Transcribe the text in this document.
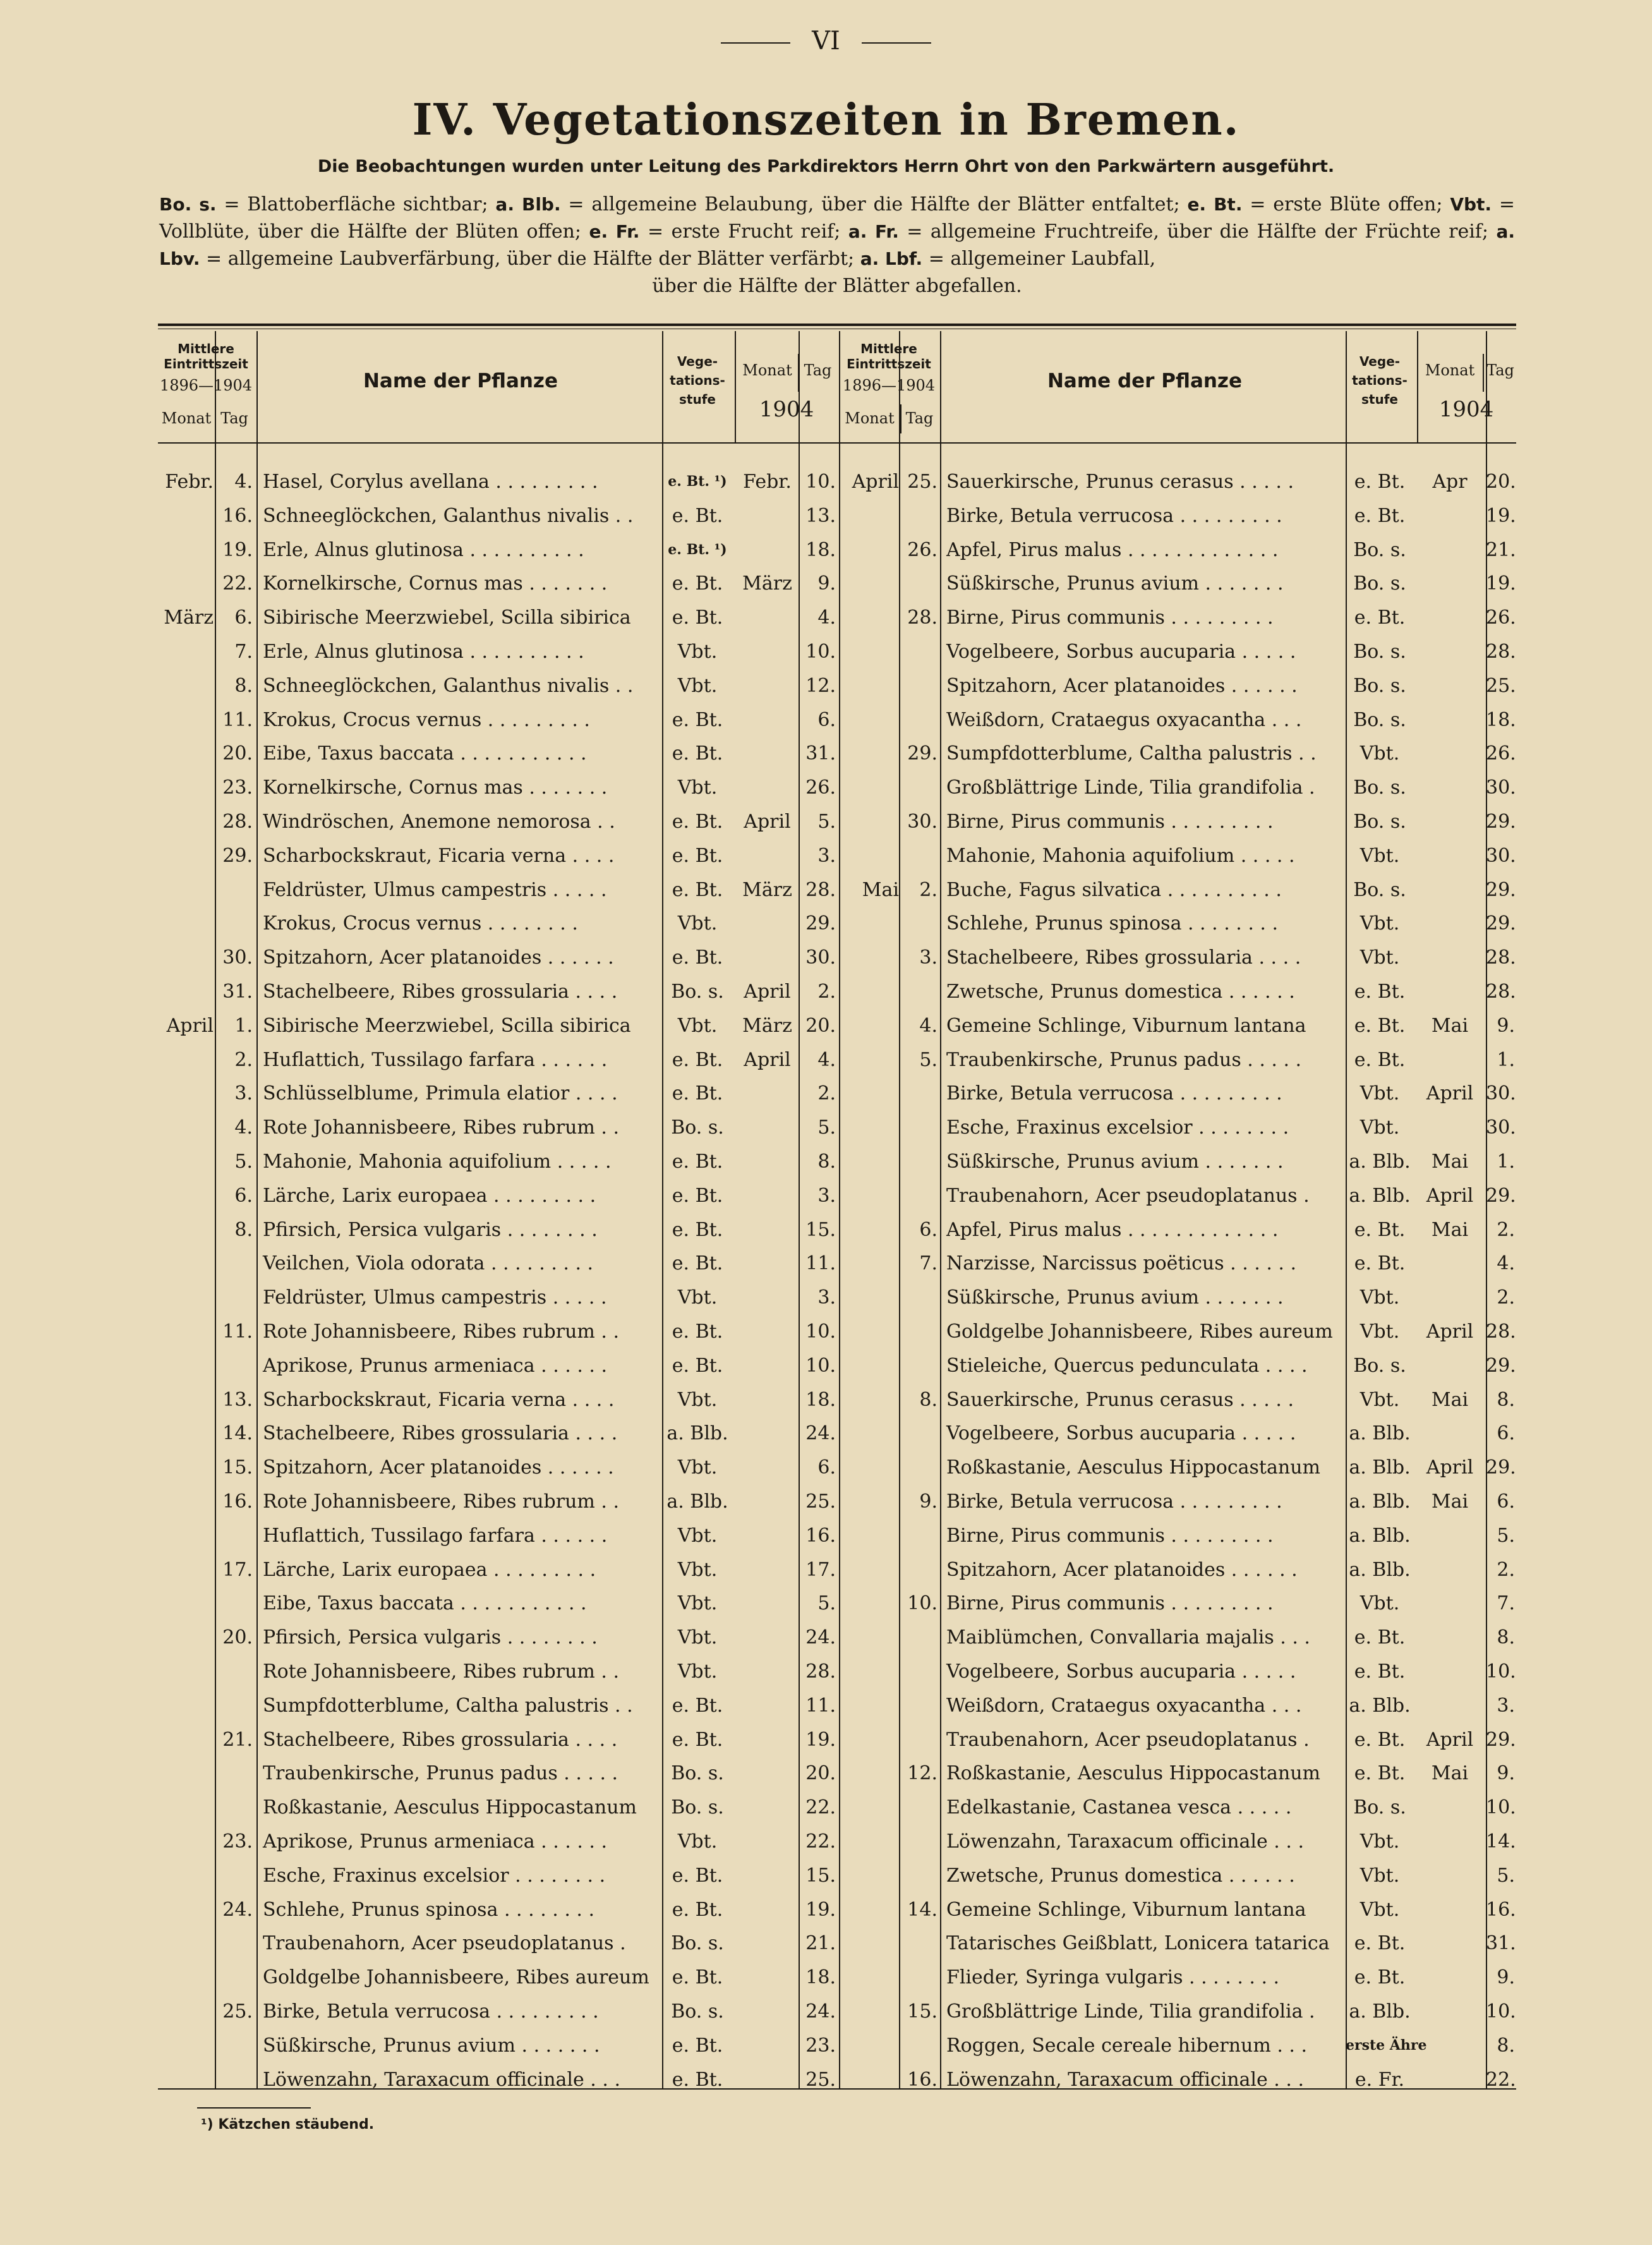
VI
IV. Vegetationszeiten in Bremen.
Die Beobachtungen wurden unter Leitung des Parkdirektors Herrn Ohrt von den Parkwärtern ausgeführt.
Bo. s. = Blattoberfläche sichtbar; a. Blb. = allgemeine Belaubung, über die Hälfte der Blätter entfaltet; e. Bt. = erste Blüte offen; Vbt. = Vollblüte, über die Hälfte der Blüten offen; e. Fr. = erste Frucht reif; a. Fr. = allgemeine Fruchtreife, über die Hälfte der Früchte reif; a. Lbv. = allgemeine Laubverfärbung, über die Hälfte der Blätter verfärbt; a. Lbf. = allgemeiner Laubfall,
über die Hälfte der Blätter abgefallen.
Mittlere
Eintrittszeit
1896—1904
Monat Tag
Name der Pflanze
Vege-
tations-
stufe
Monat Tag
1904
Febr.	4. Hasel, Corylus avellana . . . . . . . . .	e. Bt. ¹) Febr. 10.
16. Schneeglöckchen, Galanthus nivalis . .	e. Bt.	13.
19. Erle, Alnus glutinosa . . . . . . . . . .	e. Bt. ¹)	18.
22. Kornelkirsche, Cornus mas . . . . . . .	e. Bt.	März	9.
März	6. Sibirische Meerzwiebel, Scilla sibirica	e. Bt.	4.
7. Erle, Alnus glutinosa . . . . . . . . . .	Vbt.	10.
8. Schneeglöckchen, Galanthus nivalis . .	Vbt.	12.
11. Krokus, Crocus vernus . . . . . . . . .	e. Bt.	6.
20. Eibe, Taxus baccata . . . . . . . . . . .	e. Bt.	31.
23. Kornelkirsche, Cornus mas . . . . . . .	Vbt.	26.
28. Windröschen, Anemone nemorosa . .	e. Bt.	April	5.
29. Scharbockskraut, Ficaria verna . . . .	e. Bt.	3.
Feldrüster, Ulmus campestris . . . . .	e. Bt.	März 28.
Krokus, Crocus vernus . . . . . . . .	Vbt.	29.
30. Spitzahorn, Acer platanoides . . . . . .	e. Bt.	30.
31. Stachelbeere, Ribes grossularia . . . .	Bo. s.	April	2.
April	1. Sibirische Meerzwiebel, Scilla sibirica	Vbt.	März 20.
2. Huflattich, Tussilago farfara . . . . . .	e. Bt.	April	4.
3. Schlüsselblume, Primula elatior . . . .	e. Bt.	2.
4. Rote Johannisbeere, Ribes rubrum . .	Bo. s.	5.
5. Mahonie, Mahonia aquifolium . . . . .	e. Bt.	8.
6. Lärche, Larix europaea . . . . . . . . .	e. Bt.	3.
8. Pfirsich, Persica vulgaris . . . . . . . .	e. Bt.	15.
Veilchen, Viola odorata . . . . . . . . .	e. Bt.	11.
Feldrüster, Ulmus campestris . . . . .	Vbt.	3.
11. Rote Johannisbeere, Ribes rubrum . .	e. Bt.	10.
Aprikose, Prunus armeniaca . . . . . .	e. Bt.	10.
13. Scharbockskraut, Ficaria verna . . . .	Vbt.	18.
14. Stachelbeere, Ribes grossularia . . . .	a. Blb.	24.
15. Spitzahorn, Acer platanoides . . . . . .	Vbt.	6.
16. Rote Johannisbeere, Ribes rubrum . .	a. Blb.	25.
Huflattich, Tussilago farfara . . . . . .	Vbt.	16.
17. Lärche, Larix europaea . . . . . . . . .	Vbt.	17.
Eibe, Taxus baccata . . . . . . . . . . .	Vbt.	5.
20. Pfirsich, Persica vulgaris . . . . . . . .	Vbt.	24.
Rote Johannisbeere, Ribes rubrum . .	Vbt.	28.
Sumpfdotterblume, Caltha palustris . .	e. Bt.	11.
21. Stachelbeere, Ribes grossularia . . . .	e. Bt.	19.
Traubenkirsche, Prunus padus . . . . .	Bo. s.	20.
Roßkastanie, Aesculus Hippocastanum	Bo. s.	22.
23. Aprikose, Prunus armeniaca . . . . . .	Vbt.	22.
Esche, Fraxinus excelsior . . . . . . . .	e. Bt.	15.
24. Schlehe, Prunus spinosa . . . . . . . .	e. Bt.	19.
Traubenahorn, Acer pseudoplatanus .	Bo. s.	21.
Goldgelbe Johannisbeere, Ribes aureum	e. Bt.	18.
25. Birke, Betula verrucosa . . . . . . . . .	Bo. s.	24.
Süßkirsche, Prunus avium . . . . . . .	e. Bt.	23.
Löwenzahn, Taraxacum officinale . . .	e. Bt.	25.
Mittlere
Eintrittszeit
1896—1904
Monat Tag
Name der Pflanze
Vege-
tations-
stufe
Monat Tag
1904
April 25. Sauerkirsche, Prunus cerasus . . . . .	e. Bt.	Apr 20.
Birke, Betula verrucosa . . . . . . . . .	e. Bt.	19.
26. Apfel, Pirus malus . . . . . . . . . . . . .	Bo. s.	21.
Süßkirsche, Prunus avium . . . . . . .	Bo. s.	19.
28. Birne, Pirus communis . . . . . . . . .	e. Bt.	26.
Vogelbeere, Sorbus aucuparia . . . . .	Bo. s.	28.
Spitzahorn, Acer platanoides . . . . . .	Bo. s.	25.
Weißdorn, Crataegus oxyacantha . . .	Bo. s.	18.
29. Sumpfdotterblume, Caltha palustris . .	Vbt.	26.
Großblättrige Linde, Tilia grandifolia .	Bo. s.	30.
30. Birne, Pirus communis . . . . . . . . .	Bo. s.	29.
Mahonie, Mahonia aquifolium . . . . .	Vbt.	30.
Mai	2. Buche, Fagus silvatica . . . . . . . . . .	Bo. s.	29.
Schlehe, Prunus spinosa . . . . . . . .	Vbt.	29.
3. Stachelbeere, Ribes grossularia . . . .	Vbt.	28.
Zwetsche, Prunus domestica . . . . . .	e. Bt.	28.
4. Gemeine Schlinge, Viburnum lantana	e. Bt.	Mai	9.
5. Traubenkirsche, Prunus padus . . . . .	e. Bt.	1.
Birke, Betula verrucosa . . . . . . . . .	Vbt.	April 30.
Esche, Fraxinus excelsior . . . . . . . .	Vbt.	30.
Süßkirsche, Prunus avium . . . . . . .	a. Blb.	Mai	1.
Traubenahorn, Acer pseudoplatanus .	a. Blb. April 29.
6. Apfel, Pirus malus . . . . . . . . . . . . .	e. Bt.	Mai	2.
7. Narzisse, Narcissus poëticus . . . . . .	e. Bt.	4.
Süßkirsche, Prunus avium . . . . . . .	Vbt.	2.
Goldgelbe Johannisbeere, Ribes aureum	Vbt.	April 28.
Stieleiche, Quercus pedunculata . . . .	Bo. s.	29.
8. Sauerkirsche, Prunus cerasus . . . . .	Vbt.	Mai	8.
Vogelbeere, Sorbus aucuparia . . . . .	a. Blb.	6.
Roßkastanie, Aesculus Hippocastanum	a. Blb. April 29.
9. Birke, Betula verrucosa . . . . . . . . .	a. Blb.	Mai	6.
Birne, Pirus communis . . . . . . . . .	a. Blb.	5.
Spitzahorn, Acer platanoides . . . . . .	a. Blb.	2.
10. Birne, Pirus communis . . . . . . . . .	Vbt.	7.
Maiblümchen, Convallaria majalis . . .	e. Bt.	8.
Vogelbeere, Sorbus aucuparia . . . . .	e. Bt.	10.
Weißdorn, Crataegus oxyacantha . . .	a. Blb.	3.
Traubenahorn, Acer pseudoplatanus .	e. Bt.	April 29.
12. Roßkastanie, Aesculus Hippocastanum	e. Bt.	Mai	9.
Edelkastanie, Castanea vesca . . . . .	Bo. s.	10.
Löwenzahn, Taraxacum officinale . . .	Vbt.	14.
Zwetsche, Prunus domestica . . . . . .	Vbt.	5.
14. Gemeine Schlinge, Viburnum lantana	Vbt.	16.
Tatarisches Geißblatt, Lonicera tatarica	e. Bt.	31.
Flieder, Syringa vulgaris . . . . . . . .	e. Bt.	9.
15. Großblättrige Linde, Tilia grandifolia .	a. Blb.	10.
Roggen, Secale cereale hibernum . . .	erste Ähre	8.
16. Löwenzahn, Taraxacum officinale . . .	e. Fr.	22.
¹) Kätzchen stäubend.
